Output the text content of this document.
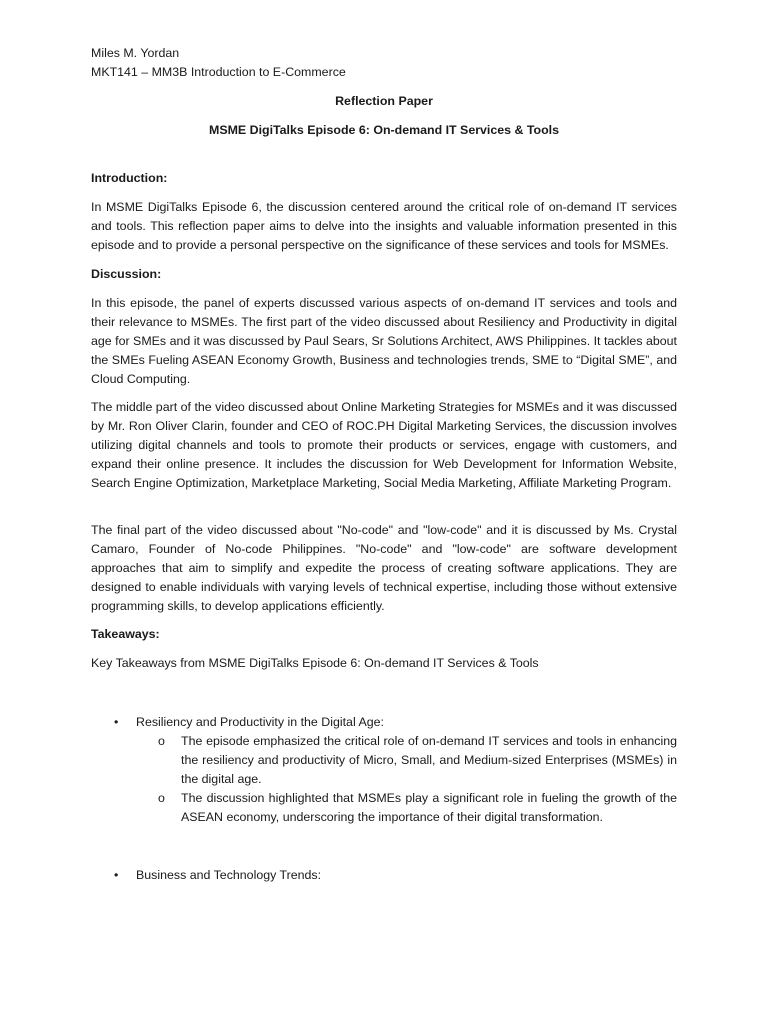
Miles M. Yordan
MKT141 – MM3B Introduction to E-Commerce
Reflection Paper
MSME DigiTalks Episode 6: On-demand IT Services & Tools
Introduction:

In MSME DigiTalks Episode 6, the discussion centered around the critical role of on-demand IT services and tools. This reflection paper aims to delve into the insights and valuable information presented in this episode and to provide a personal perspective on the significance of these services and tools for MSMEs.

Discussion:

In this episode, the panel of experts discussed various aspects of on-demand IT services and tools and their relevance to MSMEs. The first part of the video discussed about Resiliency and Productivity in digital age for SMEs and it was discussed by Paul Sears, Sr Solutions Architect, AWS Philippines. It tackles about the SMEs Fueling ASEAN Economy Growth, Business and technologies trends, SME to “Digital SME”, and Cloud Computing.

The middle part of the video discussed about Online Marketing Strategies for MSMEs and it was discussed by Mr. Ron Oliver Clarin, founder and CEO of ROC.PH Digital Marketing Services, the discussion involves utilizing digital channels and tools to promote their products or services, engage with customers, and expand their online presence. It includes the discussion for Web Development for Information Website, Search Engine Optimization, Marketplace Marketing, Social Media Marketing, Affiliate Marketing Program.

The final part of the video discussed about "No-code" and "low-code" and it is discussed by Ms. Crystal Camaro, Founder of No-code Philippines. "No-code" and "low-code" are software development approaches that aim to simplify and expedite the process of creating software applications. They are designed to enable individuals with varying levels of technical expertise, including those without extensive programming skills, to develop applications efficiently.

Takeaways:
Key Takeaways from MSME DigiTalks Episode 6: On-demand IT Services & Tools
• Resiliency and Productivity in the Digital Age:
o The episode emphasized the critical role of on-demand IT services and tools in enhancing the resiliency and productivity of Micro, Small, and Medium-sized Enterprises (MSMEs) in the digital age.

o The discussion highlighted that MSMEs play a significant role in fueling the growth of the ASEAN economy, underscoring the importance of their digital transformation.

• Business and Technology Trends:
